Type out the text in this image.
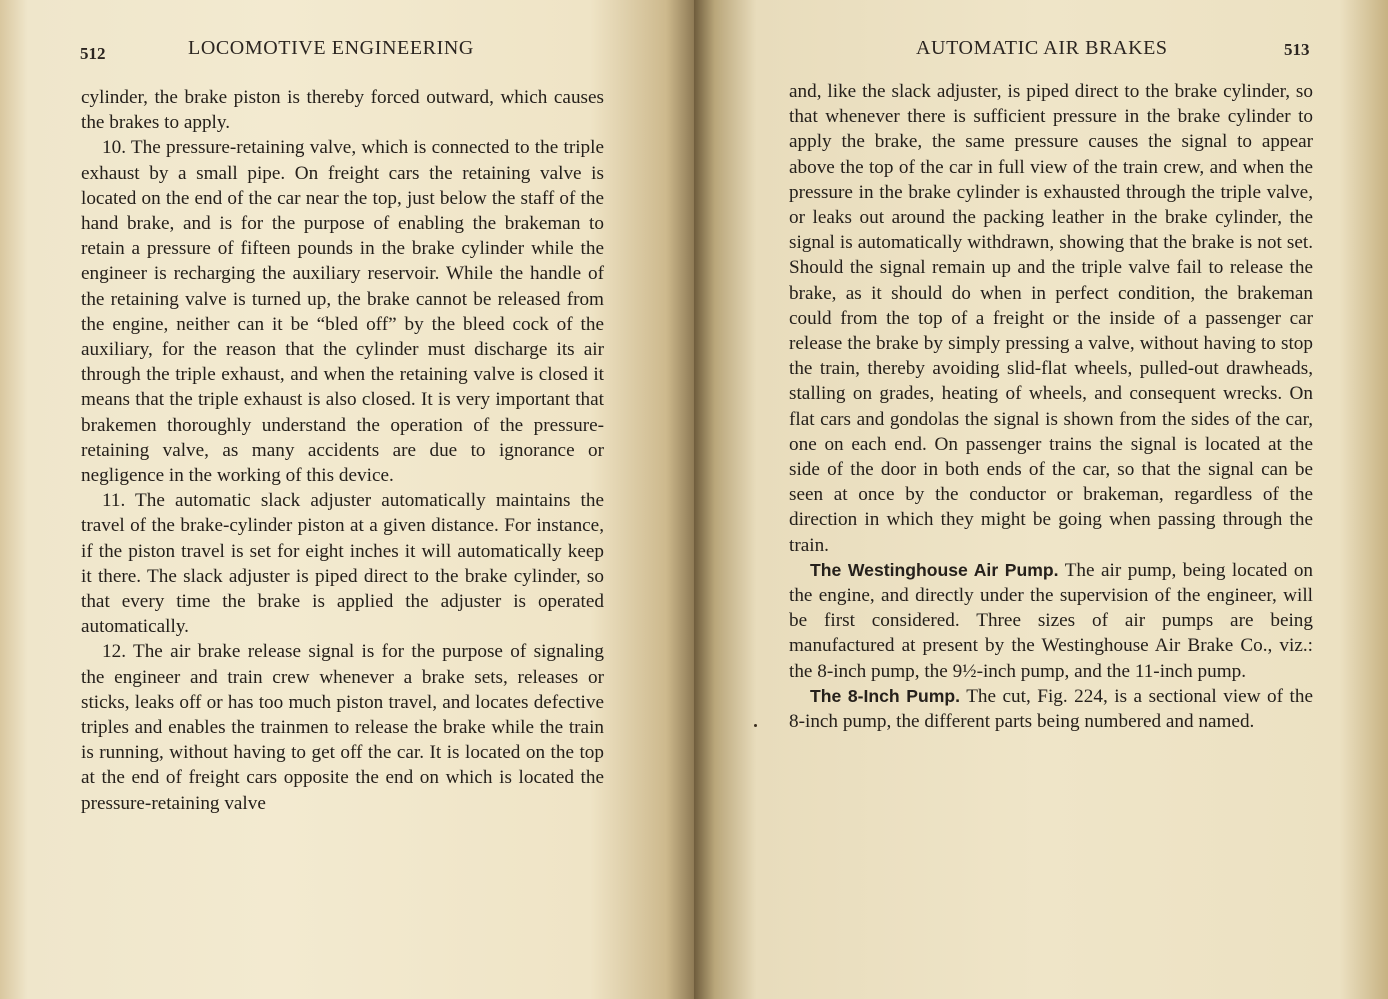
512	LOCOMOTIVE ENGINEERING

cylinder, the brake piston is thereby forced outward, which causes the brakes to apply.

10. The pressure-retaining valve, which is connected to the triple exhaust by a small pipe. On freight cars the retaining valve is located on the end of the car near the top, just below the staff of the hand brake, and is for the purpose of enabling the brakeman to retain a pressure of fifteen pounds in the brake cylinder while the engineer is recharging the auxiliary reservoir. While the handle of the retaining valve is turned up, the brake cannot be released from the engine, neither can it be “bled off” by the bleed cock of the auxiliary, for the reason that the cylinder must discharge its air through the triple exhaust, and when the retaining valve is closed it means that the triple exhaust is also closed. It is very important that brakemen thoroughly understand the operation of the pressure-retaining valve, as many accidents are due to ignorance or negligence in the working of this device.

11. The automatic slack adjuster automatically maintains the travel of the brake-cylinder piston at a given distance. For instance, if the piston travel is set for eight inches it will automatically keep it there. The slack adjuster is piped direct to the brake cylinder, so that every time the brake is applied the adjuster is operated automatically.

12. The air brake release signal is for the purpose of signaling the engineer and train crew whenever a brake sets, releases or sticks, leaks off or has too much piston travel, and locates defective triples and enables the trainmen to release the brake while the train is running, without having to get off the car. It is located on the top at the end of freight cars opposite the end on which is located the pressure-retaining valve

AUTOMATIC AIR BRAKES	513

and, like the slack adjuster, is piped direct to the brake cylinder, so that whenever there is sufficient pressure in the brake cylinder to apply the brake, the same pressure causes the signal to appear above the top of the car in full view of the train crew, and when the pressure in the brake cylinder is exhausted through the triple valve, or leaks out around the packing leather in the brake cylinder, the signal is automatically withdrawn, showing that the brake is not set. Should the signal remain up and the triple valve fail to release the brake, as it should do when in perfect condition, the brakeman could from the top of a freight or the inside of a passenger car release the brake by simply pressing a valve, without having to stop the train, thereby avoiding slid-flat wheels, pulled-out drawheads, stalling on grades, heating of wheels, and consequent wrecks. On flat cars and gondolas the signal is shown from the sides of the car, one on each end. On passenger trains the signal is located at the side of the door in both ends of the car, so that the signal can be seen at once by the conductor or brakeman, regardless of the direction in which they might be going when passing through the train.

The Westinghouse Air Pump. The air pump, being located on the engine, and directly under the supervision of the engineer, will be first considered. Three sizes of air pumps are being manufactured at present by the Westinghouse Air Brake Co., viz.: the 8-inch pump, the 9½-inch pump, and the 11-inch pump.

The 8-Inch Pump. The cut, Fig. 224, is a sectional view of the 8-inch pump, the different parts being numbered and named.
